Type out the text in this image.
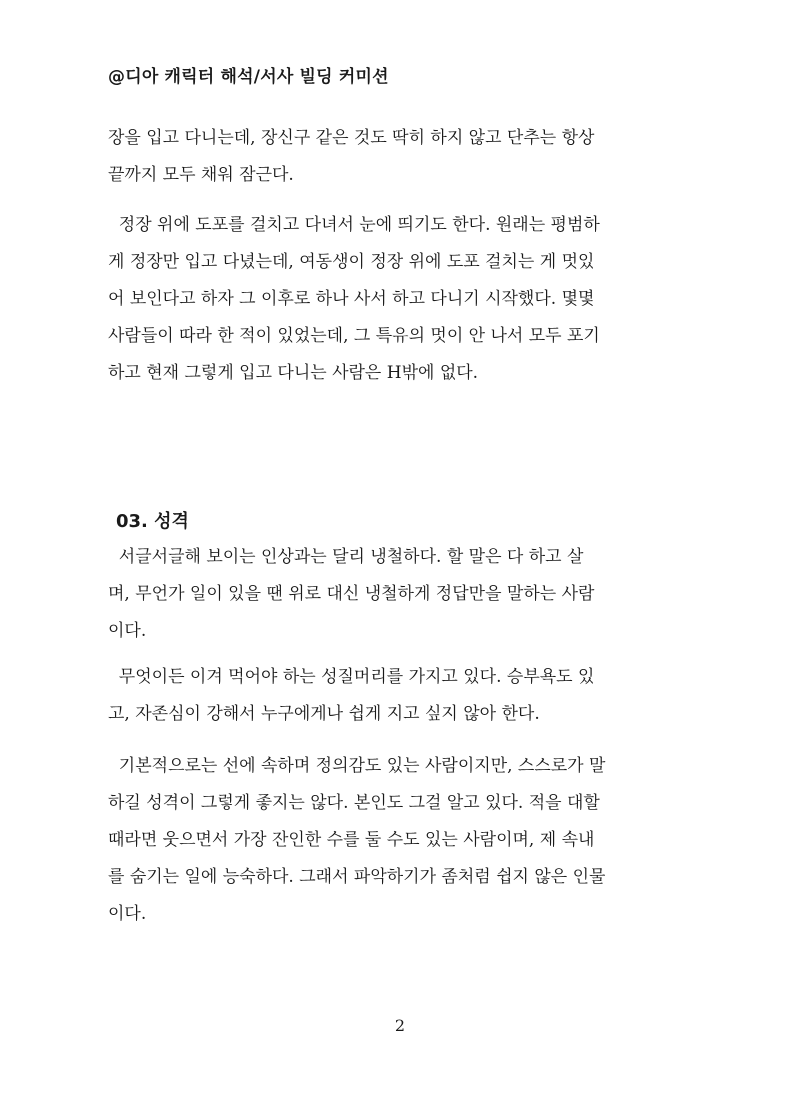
@디아 캐릭터 해석/서사 빌딩 커미션
장을 입고 다니는데, 장신구 같은 것도 딱히 하지 않고 단추는 항상
끝까지 모두 채워 잠근다.
정장 위에 도포를 걸치고 다녀서 눈에 띄기도 한다. 원래는 평범하
게 정장만 입고 다녔는데, 여동생이 정장 위에 도포 걸치는 게 멋있
어 보인다고 하자 그 이후로 하나 사서 하고 다니기 시작했다. 몇몇
사람들이 따라 한 적이 있었는데, 그 특유의 멋이 안 나서 모두 포기
하고 현재 그렇게 입고 다니는 사람은 H밖에 없다.
03. 성격
서글서글해 보이는 인상과는 달리 냉철하다. 할 말은 다 하고 살
며, 무언가 일이 있을 땐 위로 대신 냉철하게 정답만을 말하는 사람
이다.
무엇이든 이겨 먹어야 하는 성질머리를 가지고 있다. 승부욕도 있
고, 자존심이 강해서 누구에게나 쉽게 지고 싶지 않아 한다.
기본적으로는 선에 속하며 정의감도 있는 사람이지만, 스스로가 말
하길 성격이 그렇게 좋지는 않다. 본인도 그걸 알고 있다. 적을 대할
때라면 웃으면서 가장 잔인한 수를 둘 수도 있는 사람이며, 제 속내
를 숨기는 일에 능숙하다. 그래서 파악하기가 좀처럼 쉽지 않은 인물
이다.
2
